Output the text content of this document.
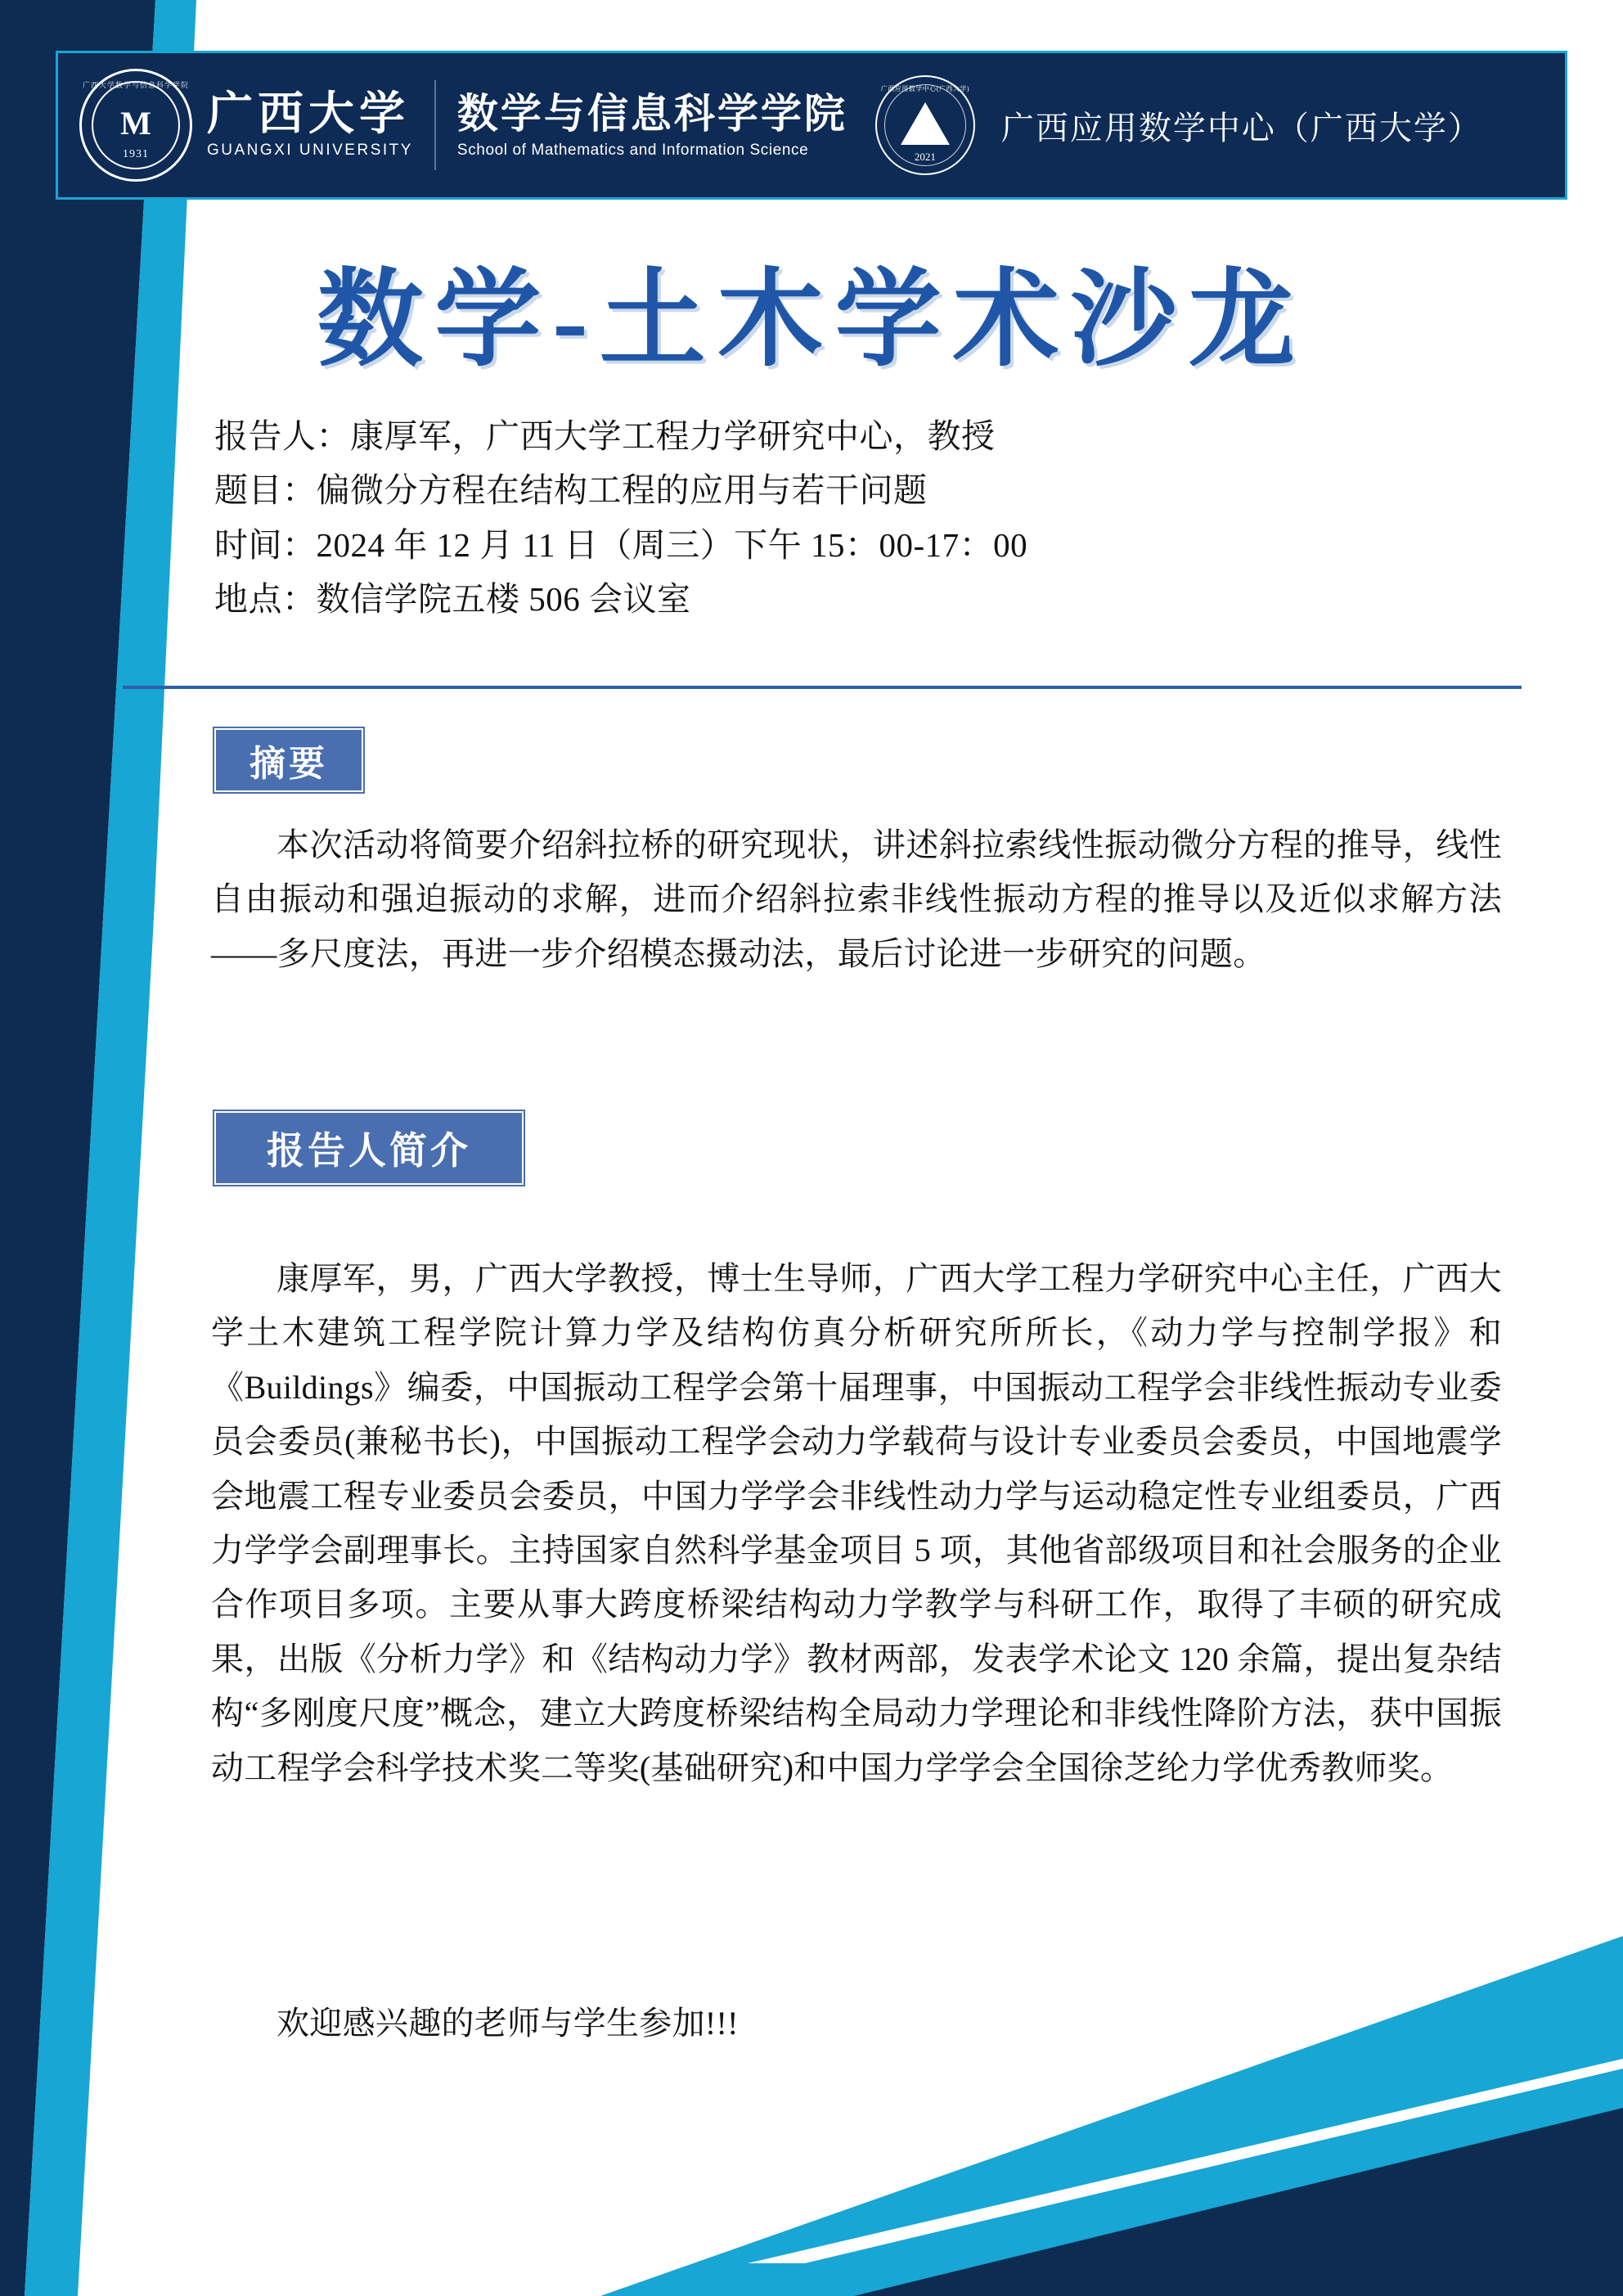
广西大学数学与信息科学学院
M
1931
广西大学
GUANGXI UNIVERSITY
数学与信息科学学院
School of Mathematics and Information Science
广西应用数学中心(广西大学)
2021
广西应用数学中心（广西大学）
数学-土木学术沙龙
报告人：康厚军，广西大学工程力学研究中心，教授
题目：偏微分方程在结构工程的应用与若干问题
时间：2024 年 12 月 11 日（周三）下午 15：00-17：00
地点：数信学院五楼 506 会议室
摘要
本次活动将简要介绍斜拉桥的研究现状，讲述斜拉索线性振动微分方程的推导，线性自由振动和强迫振动的求解，进而介绍斜拉索非线性振动方程的推导以及近似求解方法——多尺度法，再进一步介绍模态摄动法，最后讨论进一步研究的问题。
报告人简介
康厚军，男，广西大学教授，博士生导师，广西大学工程力学研究中心主任，广西大学土木建筑工程学院计算力学及结构仿真分析研究所所长，《动力学与控制学报》和《Buildings》编委，中国振动工程学会第十届理事，中国振动工程学会非线性振动专业委员会委员(兼秘书长)，中国振动工程学会动力学载荷与设计专业委员会委员，中国地震学会地震工程专业委员会委员，中国力学学会非线性动力学与运动稳定性专业组委员，广西力学学会副理事长。主持国家自然科学基金项目 5 项，其他省部级项目和社会服务的企业合作项目多项。主要从事大跨度桥梁结构动力学教学与科研工作，取得了丰硕的研究成果，出版《分析力学》和《结构动力学》教材两部，发表学术论文 120 余篇，提出复杂结构“多刚度尺度”概念，建立大跨度桥梁结构全局动力学理论和非线性降阶方法，获中国振动工程学会科学技术奖二等奖(基础研究)和中国力学学会全国徐芝纶力学优秀教师奖。
欢迎感兴趣的老师与学生参加!!!
